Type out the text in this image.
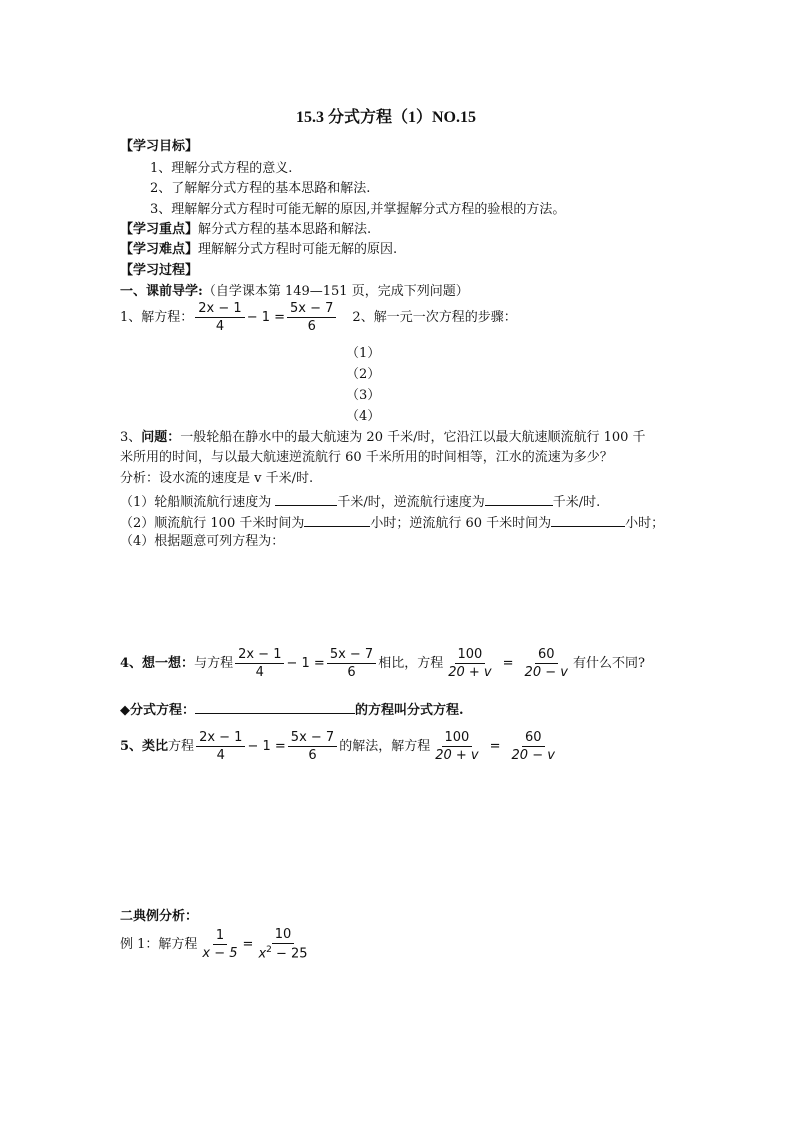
15.3 分式方程（1）NO.15
【学习目标】
1、理解分式方程的意义.
2、了解解分式方程的基本思路和解法.
3、理解解分式方程时可能无解的原因,并掌握解分式方程的验根的方法。
【学习重点】解分式方程的基本思路和解法.
【学习难点】理解解分式方程时可能无解的原因.
【学习过程】
一、课前导学:（自学课本第 149—151 页，完成下列问题）
1、解方程： $\frac{2x - 1}{4} - 1 = \frac{5x - 7}{6} 2$、解一元一次方程的步骤：
（1）
（2）
（3）
（4）
3、问题：一般轮船在静水中的最大航速为 20 千米/时，它沿江以最大航速顺流航行 100 千
米所用的时间，与以最大航速逆流航行 60 千米所用的时间相等，江水的流速为多少？
分析：设水流的速度是 v 千米/时.
（1）轮船顺流航行速度为	千米/时，逆流航行速度为	千米/时.
（2）顺流航行 100 千米时间为	小时；逆流航行 60 千米时间为	小时；
（4）根据题意可列方程为：
4、 想一想： 与方程 $\frac{2x - 1}{4} - 1 = \frac{5x - 7}{6}$ 相比，方程 $\frac{100}{20 + v} = \frac{60}{20 - v}$ 有什么不同?
◆分式方程：	的方程叫分式方程.
5、类比 方程 $\frac{2x - 1}{4} - 1 = \frac{5x - 7}{6}$ 的解法，解方程 $\frac{100}{20 + v} = \frac{60}{20 - v}$
二典例分析：
例 1：解方程 $\frac{1}{x - 5} = \frac{10}{x^2 - 25}$
